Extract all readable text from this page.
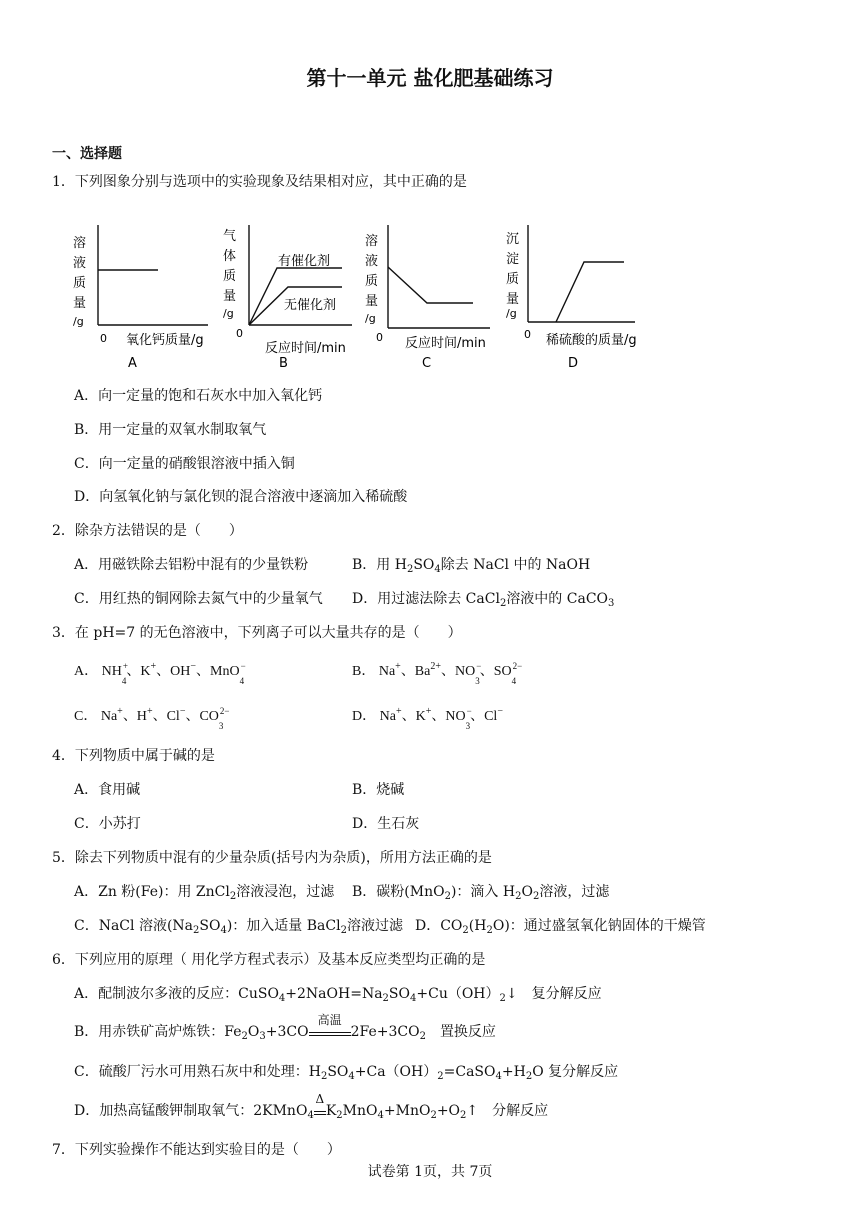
第十一单元 盐化肥基础练习
一、选择题
1．下列图象分别与选项中的实验现象及结果相对应，其中正确的是
溶
液
质
量
/g
0 氧化钙质量/g
A
气
体
质
量
/g
有催化剂
无催化剂
0
反应时间/min
B
溶
液
质
量
/g
0 反应时间/min
C
沉
淀
质
量
/g
0 稀硫酸的质量/g
D
A．向一定量的饱和石灰水中加入氧化钙
B．用一定量的双氧水制取氧气
C．向一定量的硝酸银溶液中插入铜
D．向氢氧化钠与氯化钡的混合溶液中逐滴加入稀硫酸
2．除杂方法错误的是（　　）
A．用磁铁除去铝粉中混有的少量铁粉	B．用 $H_2SO_4$除去 NaCl 中的 NaOH
C．用红热的铜网除去氮气中的少量氧气 D．用过滤法除去 CaCl$_2$溶液中的 CaCO$_3$
3．在 pH=7 的无色溶液中，下列离子可以大量共存的是（　　）
A． NH +
$_4$、K+、OH−、MnO −
$_4$
B． Na+、$Ba^{2+}$、NO −
$_3$、SO 2−
$_4$
C． Na+、H+、Cl−、CO 2−
$_3$
D． Na+、K+、NO −
$_3$、Cl−
4．下列物质中属于碱的是
A．食用碱	B．烧碱
C．小苏打	D．生石灰
5．除去下列物质中混有的少量杂质(括号内为杂质)，所用方法正确的是
A．Zn 粉(Fe)：用 ZnCl$_2$溶液浸泡，过滤 B．碳粉(MnO$_2$)：滴入 $H_2O_2$溶液，过滤
C．NaCl 溶液$(Na_2SO_4)$：加入适量 BaCl$_2$溶液过滤 D．$CO_2(H_2O)$：通过盛氢氧化钠固体的干燥管
6．下列应用的原理（ 用化学方程式表示）及基本反应类型均正确的是
A．配制波尔多液的反应：$CuSO_4+2NaOH=Na_2SO_4+Cu(OH)_2↓$　 复分解反应
B．用赤铁矿高炉炼铁：$Fe_2O_3+3CO$
高温
$2Fe+3CO_2$　 置换反应
C．硫酸厂污水可用熟石灰中和处理：$H_2SO_4+Ca(OH)_2=CaSO_4+H_2O$ 复分解反应
D．加热高锰酸钾制取氧气：2KMnO$_4$
Δ
$K_2MnO_4+MnO_2+O_2↑$　 分解反应
7．下列实验操作不能达到实验目的是（　　）
试卷第 1页，共 7页
